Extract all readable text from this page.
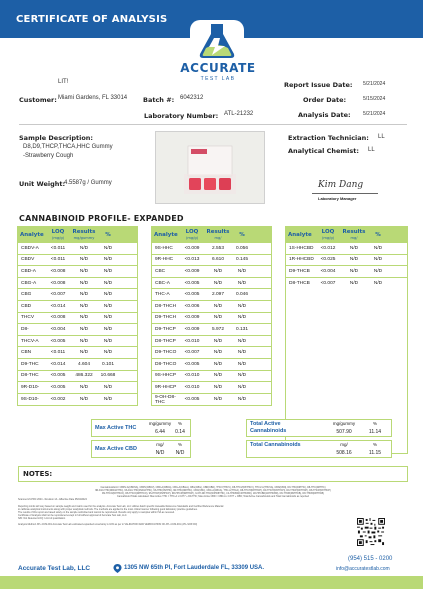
CERTIFICATE OF ANALYSIS
ACCURATE
TEST LAB
LIT!
Customer: Miami Gardens, FL 33014 Batch #: 6042312
Laboratory Number: ATL-21232
Report Issue Date: 5/21/2024
Order Date:	5/15/2024
Analysis Date: 5/21/2024
Sample Description:
D8,D9,THCP,THCA,HHC Gummy
-Strawberry Cough
Unit Weight:
4.5587g / Gummy
Extraction Technician: LL
Analytical Chemist: LL
Kim Dang
Laboratory Manager
CANNABINOID PROFILE- EXPANDED
Analyte	LOQ
(mg/g)
Results
mg/gummy	%
CBDV-A	<0.011	N/D	N/D
CBDV	<0.011	N/D	N/D
CBD-A	<0.008	N/D	N/D
CBG-A	<0.008	N/D	N/D
CBG	<0.007	N/D	N/D
CBD	<0.014	N/D	N/D
THCV	<0.008	N/D	N/D
D8-	<0.004	N/D	N/D
THCV-A	<0.005	N/D	N/D
CBN	<0.011	N/D	N/D
D9-THC	<0.014	4.604	0.101
D8-THC	<0.005	486.322	10.668
9R-D10-	<0.005	N/D	N/D
9S-D10-	<0.002	N/D	N/D
Analyte	LOQ
(mg/g)
Results
mg/	%
9S-HHC	<0.009	2.553	0.056
9R-HHC	<0.013	6.610	0.145
CBC	<0.009	N/D	N/D
CBC-A	<0.005	N/D	N/D
THC-A	<0.005	2.097	0.046
D8-THCH	<0.006	N/D	N/D
D9-THCH	<0.009	N/D	N/D
D9-THCP	<0.009	5.972	0.131
D8-THCP	<0.010	N/D	N/D
D9-THCO	<0.007	N/D	N/D
D8-THCO	<0.005	N/D	N/D
9S-HHCP	<0.010	N/D	N/D
9R-HHCP	<0.010	N/D	N/D
9-OH-D8-THC	<0.005	N/D	N/D
Analyte	LOQ
(mg/g)
Results
mg/	%
1S-HHCBD	<0.012	N/D	N/D
1R-HHCBD	<0.025	N/D	N/D
D9-THCB	<0.004	N/D	N/D
D8-THCB	<0.007	N/D	N/D
Max Active THC
mg/gummy	%
6.44	0.14
Max Active CBD
mg/	%
N/D	N/D
Total Active Cannabinoids
mg/gummy	%
507.90	11.14
Total Cannabinoids	mg/	%
508.16	11.15
NOTES:
Cannabinoids/ml: CBDV-A(CBDVA), CBDV(CBDV), CBD-A(CBDA), CBG-A(CBGA), CBG(CBG), CBD(CBD), THCV(THCV), D8-THCV(D8THCV), THCV-A(THCVA), CBN(CBN), D9-THC(D9THC), D8-THC(D8THC)
9R-D10-THC(9RD10THC), 9S-D10-THC(9SD10THC), 9S-HHC(9SHHC), 9R-HHC(9RHHC), CBC(CBC), CBC-A(CBCA), THC-A(THCA), D8-THCH(D8THCH), D9-THCH(D9THCH), D9-THCP(D9THCP), D8-THCP(D8THCP)
D9-THCO(D9THCO), D8-THCO(D8THCO), 9S-HHCP(9SHHCP), 9R-HHCP(9RHHCP), 9-OH-D8-THC(9OHD8THC), 1S-HHCBD(1SHHCBD), 1R-HHCBD(1RHHCBD), D9-THCB(D9THCB), D8-THCB(D8THCB)
Cannabinoid Totals calculated: Max Active THC = THC-A x 0.877 + D9-THC; Max Active CBD = CBD-A x 0.877 + CBD; Total Active Cannabinoids and Total Cannabinoids as reported
Scanned 21.PRC 2024 - Revision 1A - Effective Date 05/04/2024
Reporting Limits will vary based on sample weight and matrix used for the analysis. Accurate Test Lab, LLC utilizes batch specific traceable Reference Standards and Certified Reference Material
to calibrate analytical instruments along with proper analytical methods. The methods are applied to the most critical manner following good laboratory practice guidelines.
The results of this report are based solely on the sample submitted and cannot be reproduced. Results only apply to samples within ISA as received.
Certificate of Analysis shall not be reproduced except in full without approval of Accurate Test Lab, LLC.
N/D: Not Detected LOQ: Limit of quantitation
Analysis Method: ATL-CCM-001 Accurate Test Lab estimated expanded uncertainty is 10% as per in VALIDATION AND VERIFICATION OF ATL-CCM-001 (ATL-SOP-FD)
Accurate Test Lab, LLC	1305 NW 65th Pl, Fort Lauderdale FL, 33309 USA.
(954) 515 - 0200
info@accuratestlab.com
